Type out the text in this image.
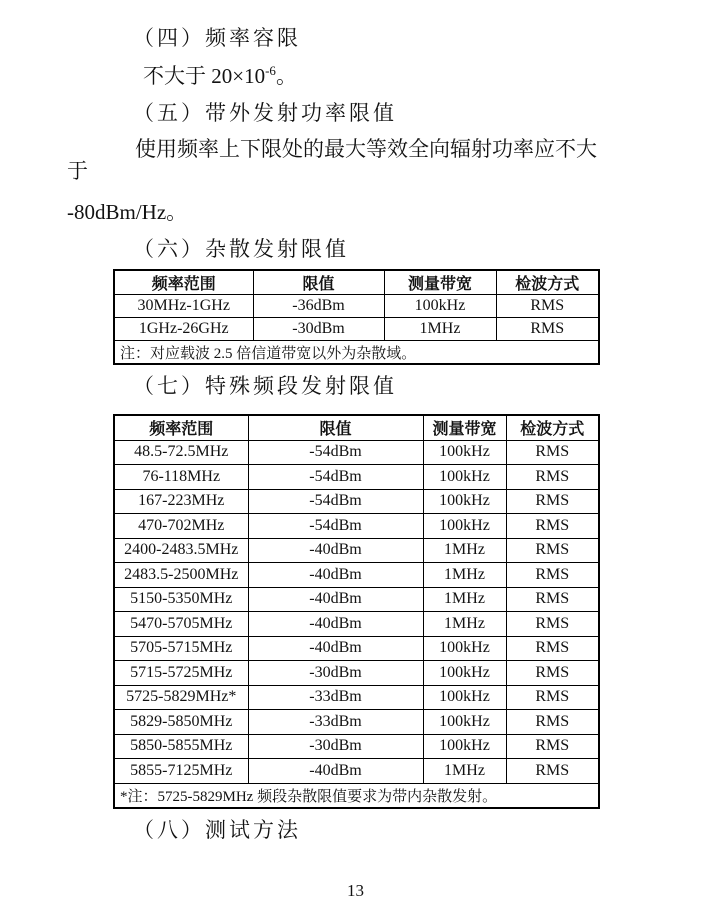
（四）频率容限
不大于 $20\times 10^{-6}$。
（五）带外发射功率限值
使用频率上下限处的最大等效全向辐射功率应不大于
-80dBm/Hz。
（六）杂散发射限值
频率范围	限值	测量带宽	检波方式
30MHz-1GHz	-36dBm	100kHz	RMS
1GHz-26GHz	-30dBm	1MHz	RMS
注：对应载波 2.5 倍信道带宽以外为杂散域。			
（七）特殊频段发射限值
频率范围	限值	测量带宽	检波方式
48.5-72.5MHz	-54dBm	100kHz	RMS
76-118MHz	-54dBm	100kHz	RMS
167-223MHz	-54dBm	100kHz	RMS
470-702MHz	-54dBm	100kHz	RMS
2400-2483.5MHz	-40dBm	1MHz	RMS
2483.5-2500MHz	-40dBm	1MHz	RMS
5150-5350MHz	-40dBm	1MHz	RMS
5470-5705MHz	-40dBm	1MHz	RMS
5705-5715MHz	-40dBm	100kHz	RMS
5715-5725MHz	-30dBm	100kHz	RMS
5725-5829MHz*	-33dBm	100kHz	RMS
5829-5850MHz	-33dBm	100kHz	RMS
5850-5855MHz	-30dBm	100kHz	RMS
5855-7125MHz	-40dBm	1MHz	RMS
*注：5725-5829MHz 频段杂散限值要求为带内杂散发射。			
（八）测试方法
13
